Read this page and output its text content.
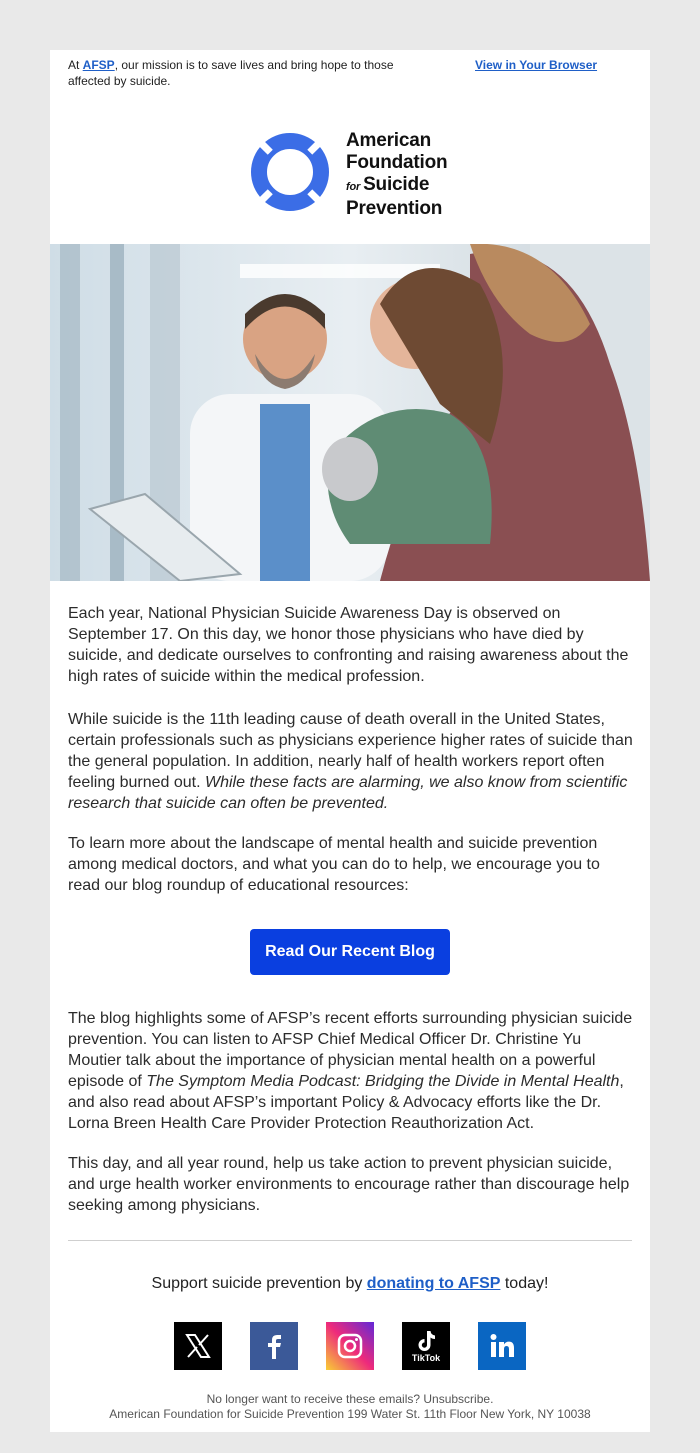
At AFSP, our mission is to save lives and bring hope to those affected by suicide.
View in Your Browser
American
Foundation
for Suicide
Prevention

Each year, National Physician Suicide Awareness Day is observed on September 17. On this day, we honor those physicians who have died by suicide, and dedicate ourselves to confronting and raising awareness about the high rates of suicide within the medical profession.

While suicide is the 11th leading cause of death overall in the United States, certain professionals such as physicians experience higher rates of suicide than the general population. In addition, nearly half of health workers report often feeling burned out. While these facts are alarming, we also know from scientific research that suicide can often be prevented.

To learn more about the landscape of mental health and suicide prevention among medical doctors, and what you can do to help, we encourage you to read our blog roundup of educational resources:

Read Our Recent Blog

The blog highlights some of AFSP’s recent efforts surrounding physician suicide prevention. You can listen to AFSP Chief Medical Officer Dr. Christine Yu Moutier talk about the importance of physician mental health on a powerful episode of The Symptom Media Podcast: Bridging the Divide in Mental Health, and also read about AFSP’s important Policy & Advocacy efforts like the Dr. Lorna Breen Health Care Provider Protection Reauthorization Act.

This day, and all year round, help us take action to prevent physician suicide, and urge health worker environments to encourage rather than discourage help seeking among physicians.

Support suicide prevention by donating to AFSP today!
TikTok
No longer want to receive these emails? Unsubscribe.
American Foundation for Suicide Prevention 199 Water St. 11th Floor New York, NY 10038
